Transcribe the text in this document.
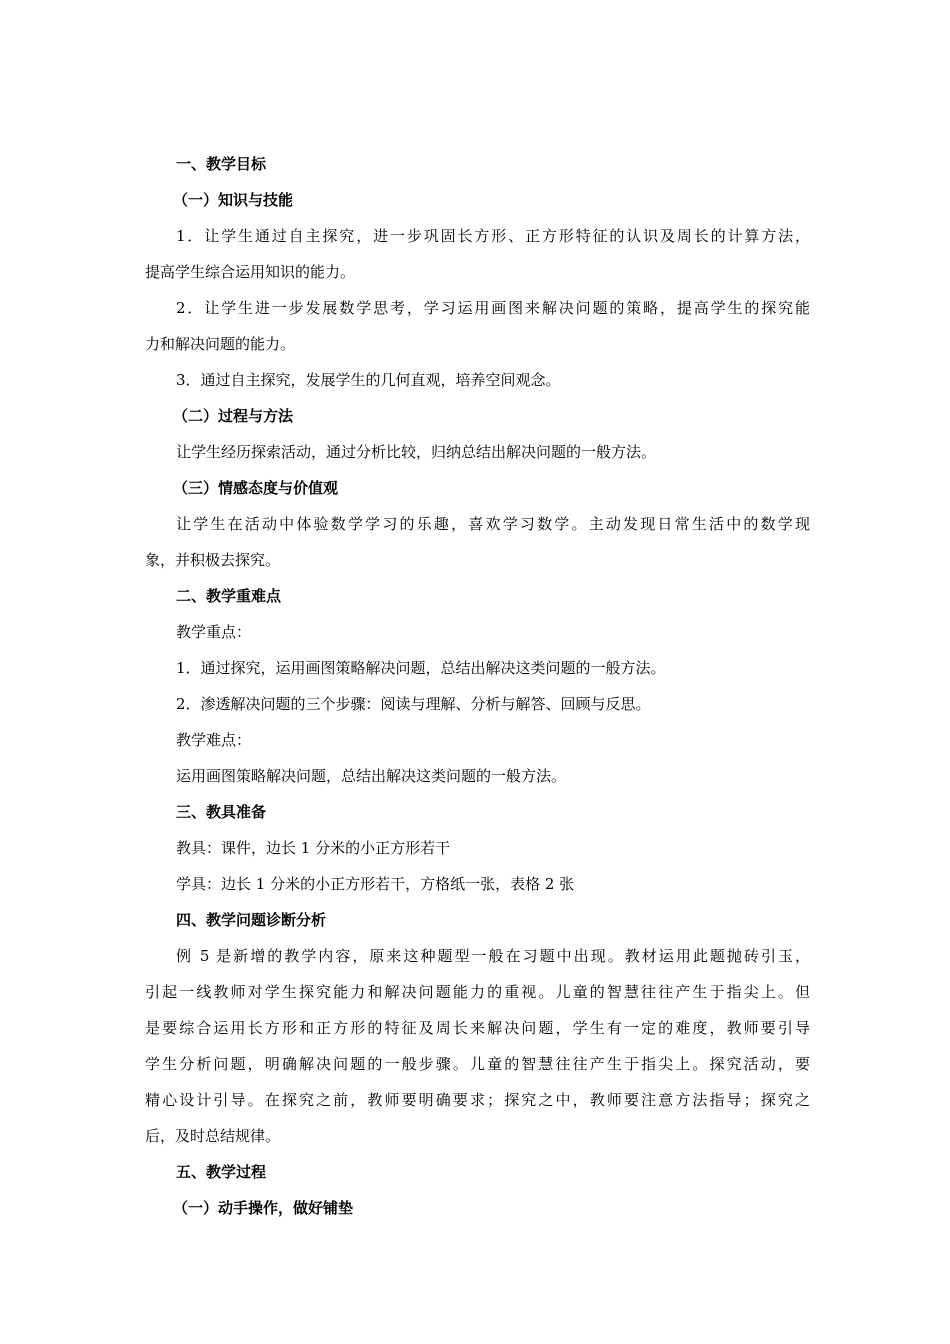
一、教学目标
（一）知识与技能
1．让学生通过自主探究，进一步巩固长方形、正方形特征的认识及周长的计算方法，
提高学生综合运用知识的能力。
2．让学生进一步发展数学思考，学习运用画图来解决问题的策略，提高学生的探究能
力和解决问题的能力。
3．通过自主探究，发展学生的几何直观，培养空间观念。
（二）过程与方法
让学生经历探索活动，通过分析比较，归纳总结出解决问题的一般方法。
（三）情感态度与价值观
让学生在活动中体验数学学习的乐趣，喜欢学习数学。主动发现日常生活中的数学现
象，并积极去探究。
二、教学重难点
教学重点：
1．通过探究，运用画图策略解决问题，总结出解决这类问题的一般方法。
2．渗透解决问题的三个步骤：阅读与理解、分析与解答、回顾与反思。
教学难点：
运用画图策略解决问题，总结出解决这类问题的一般方法。
三、教具准备
教具：课件，边长 1 分米的小正方形若干
学具：边长 1 分米的小正方形若干，方格纸一张，表格 2 张
四、教学问题诊断分析
例 5 是新增的教学内容，原来这种题型一般在习题中出现。教材运用此题抛砖引玉，
引起一线教师对学生探究能力和解决问题能力的重视。儿童的智慧往往产生于指尖上。但
是要综合运用长方形和正方形的特征及周长来解决问题，学生有一定的难度，教师要引导
学生分析问题，明确解决问题的一般步骤。儿童的智慧往往产生于指尖上。探究活动，要
精心设计引导。在探究之前，教师要明确要求；探究之中，教师要注意方法指导；探究之
后，及时总结规律。
五、教学过程
（一）动手操作，做好铺垫
